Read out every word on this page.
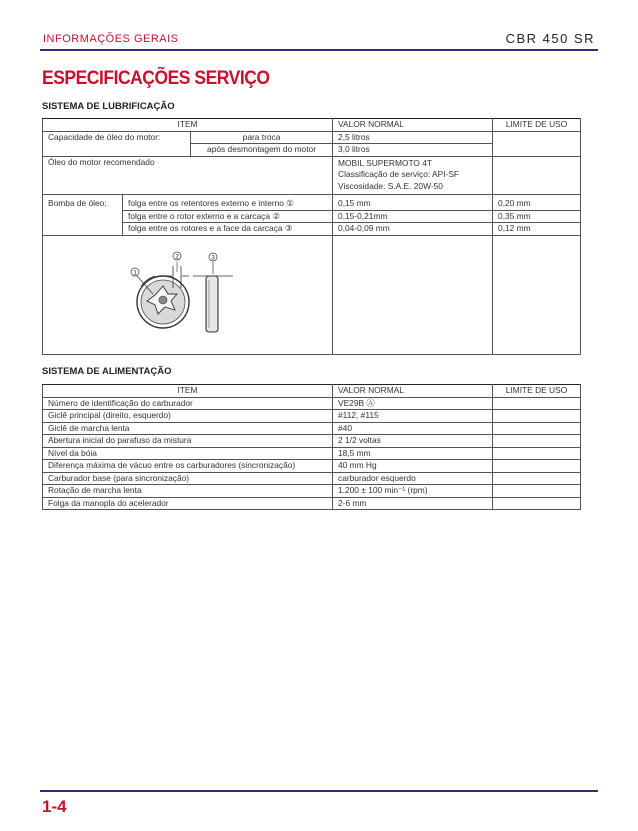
INFORMAÇÕES GERAIS	CBR 450 SR
ESPECIFICAÇÕES SERVIÇO
SISTEMA DE LUBRIFICAÇÃO
ITEM			VALOR NORMAL	LIMITE DE USO
Capacidade de óleo do motor:		para troca	2,5 litros	
		após desmontagem do motor	3,0 litros	
Óleo do motor recomendado			MOBIL SUPERMOTO 4T
Classificação de serviço: API-SF
Viscosidade: S.A.E. 20W-50	

Bomba de óleo:	folga entre os retentores externo e interno ①		0,15 mm	0,20 mm
	folga entre o rotor externo e a carcaça ②		0,15-0,21mm	0,35 mm
	folga entre os rotores e a face da carcaça ③		0,04-0,09 mm	0,12 mm

1
2 3				

SISTEMA DE ALIMENTAÇÃO
ITEM	VALOR NORMAL	LIMITE DE USO
Número de identificação do carburador	VE29B Ⓐ	
Giclê principal (direito, esquerdo)	#112, #115	
Giclê de marcha lenta	#40	
Abertura inicial do parafuso da mistura	2 1/2 voltas	
Nível da bóia	18,5 mm	
Diferença máxima de vácuo entre os carburadores (sincronização)	40 mm Hg	
Carburador base (para sincronização)	carburador esquerdo	
Rotação de marcha lenta	1.200 ± 100 min⁻¹ (rpm)	
Folga da manopla do acelerador	2-6 mm	
1-4
